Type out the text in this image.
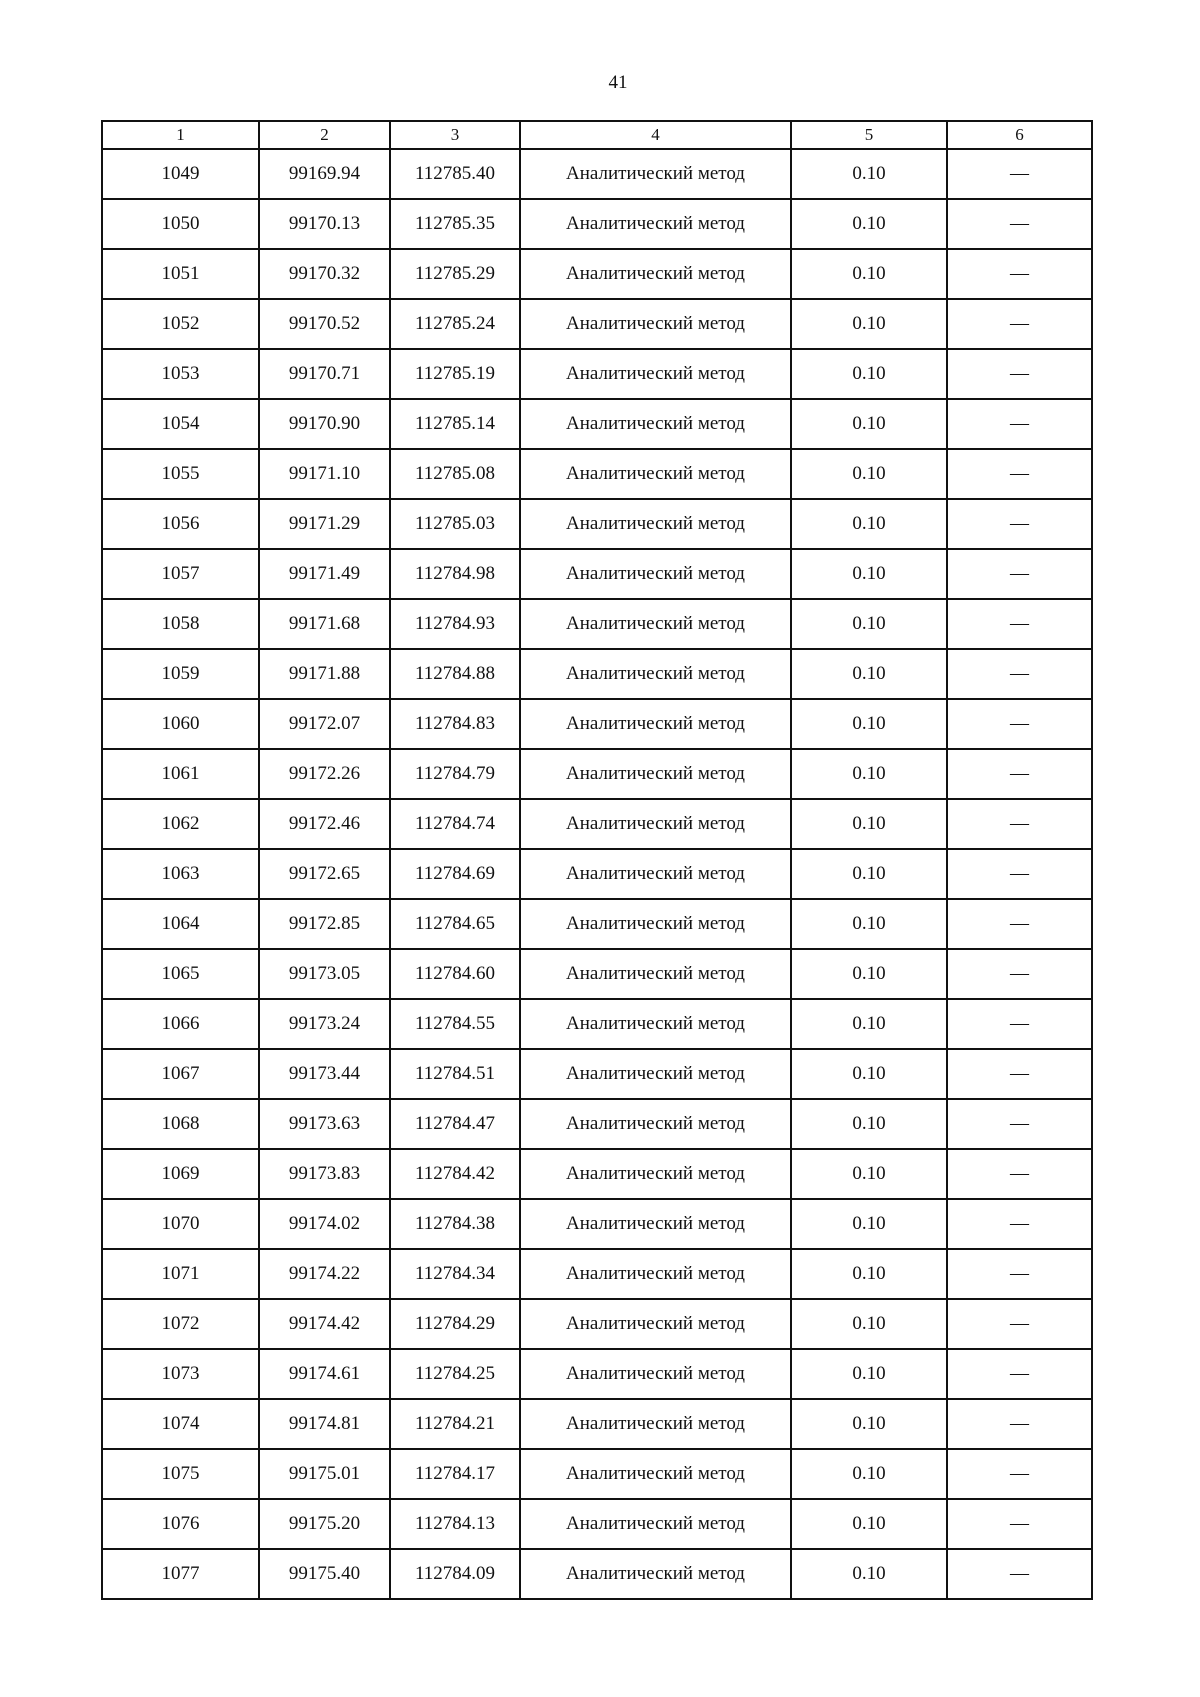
41
1	2	3	4	5	6
1049	99169.94	112785.40	Аналитический метод	0.10	—
1050	99170.13	112785.35	Аналитический метод	0.10	—
1051	99170.32	112785.29	Аналитический метод	0.10	—
1052	99170.52	112785.24	Аналитический метод	0.10	—
1053	99170.71	112785.19	Аналитический метод	0.10	—
1054	99170.90	112785.14	Аналитический метод	0.10	—
1055	99171.10	112785.08	Аналитический метод	0.10	—
1056	99171.29	112785.03	Аналитический метод	0.10	—
1057	99171.49	112784.98	Аналитический метод	0.10	—
1058	99171.68	112784.93	Аналитический метод	0.10	—
1059	99171.88	112784.88	Аналитический метод	0.10	—
1060	99172.07	112784.83	Аналитический метод	0.10	—
1061	99172.26	112784.79	Аналитический метод	0.10	—
1062	99172.46	112784.74	Аналитический метод	0.10	—
1063	99172.65	112784.69	Аналитический метод	0.10	—
1064	99172.85	112784.65	Аналитический метод	0.10	—
1065	99173.05	112784.60	Аналитический метод	0.10	—
1066	99173.24	112784.55	Аналитический метод	0.10	—
1067	99173.44	112784.51	Аналитический метод	0.10	—
1068	99173.63	112784.47	Аналитический метод	0.10	—
1069	99173.83	112784.42	Аналитический метод	0.10	—
1070	99174.02	112784.38	Аналитический метод	0.10	—
1071	99174.22	112784.34	Аналитический метод	0.10	—
1072	99174.42	112784.29	Аналитический метод	0.10	—
1073	99174.61	112784.25	Аналитический метод	0.10	—
1074	99174.81	112784.21	Аналитический метод	0.10	—
1075	99175.01	112784.17	Аналитический метод	0.10	—
1076	99175.20	112784.13	Аналитический метод	0.10	—
1077	99175.40	112784.09	Аналитический метод	0.10	—
